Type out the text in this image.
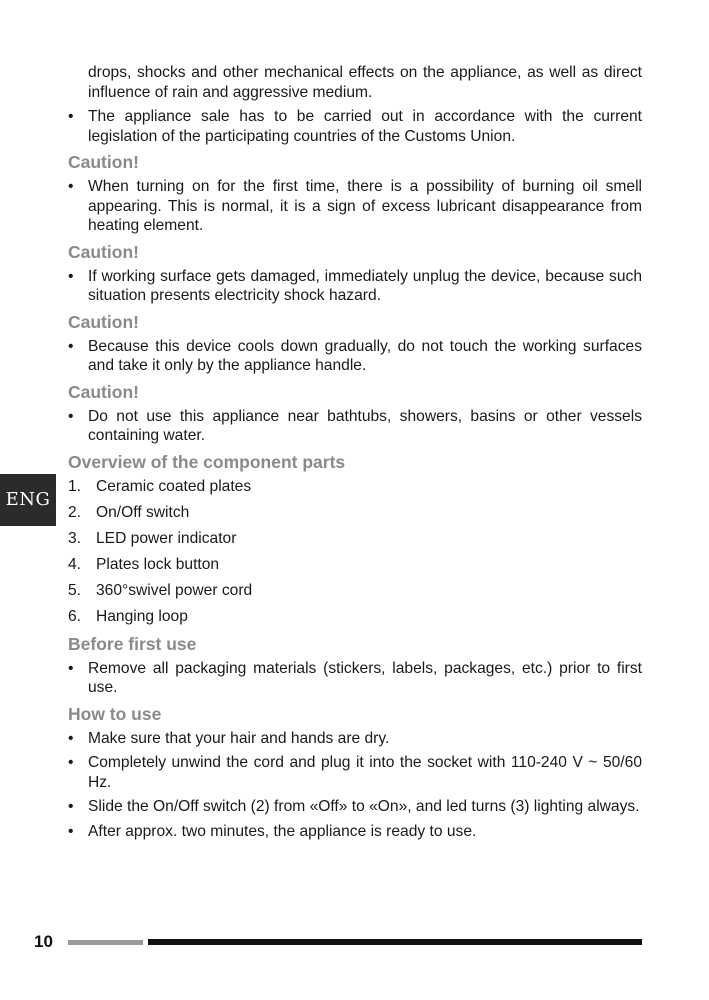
ENG

drops, shocks and other mechanical effects on the appliance, as well as direct influence of rain and aggressive medium.

• The appliance sale has to be carried out in accordance with the current legislation of the participating countries of the Customs Union.
Caution!
• When turning on for the first time, there is a possibility of burning oil smell appearing. This is normal, it is a sign of excess lubricant disappearance from heating element.
Caution!
• If working surface gets damaged, immediately unplug the device, because such situation presents electricity shock hazard.
Caution!
• Because this device cools down gradually, do not touch the working surfaces and take it only by the appliance handle.
Caution!
• Do not use this appliance near bathtubs, showers, basins or other vessels containing water.
Overview of the component parts
1. Ceramic coated plates
2. On/Off switch
3. LED power indicator
4. Plates lock button
5. 360°swivel power cord
6. Hanging loop
Before first use
• Remove all packaging materials (stickers, labels, packages, etc.) prior to first use.
How to use
• Make sure that your hair and hands are dry.
• Completely unwind the cord and plug it into the socket with 110-240 V ~ 50/60 Hz.
• Slide the On/Off switch (2) from «Off» to «On», and led turns (3) lighting always.
• After approx. two minutes, the appliance is ready to use.
10
